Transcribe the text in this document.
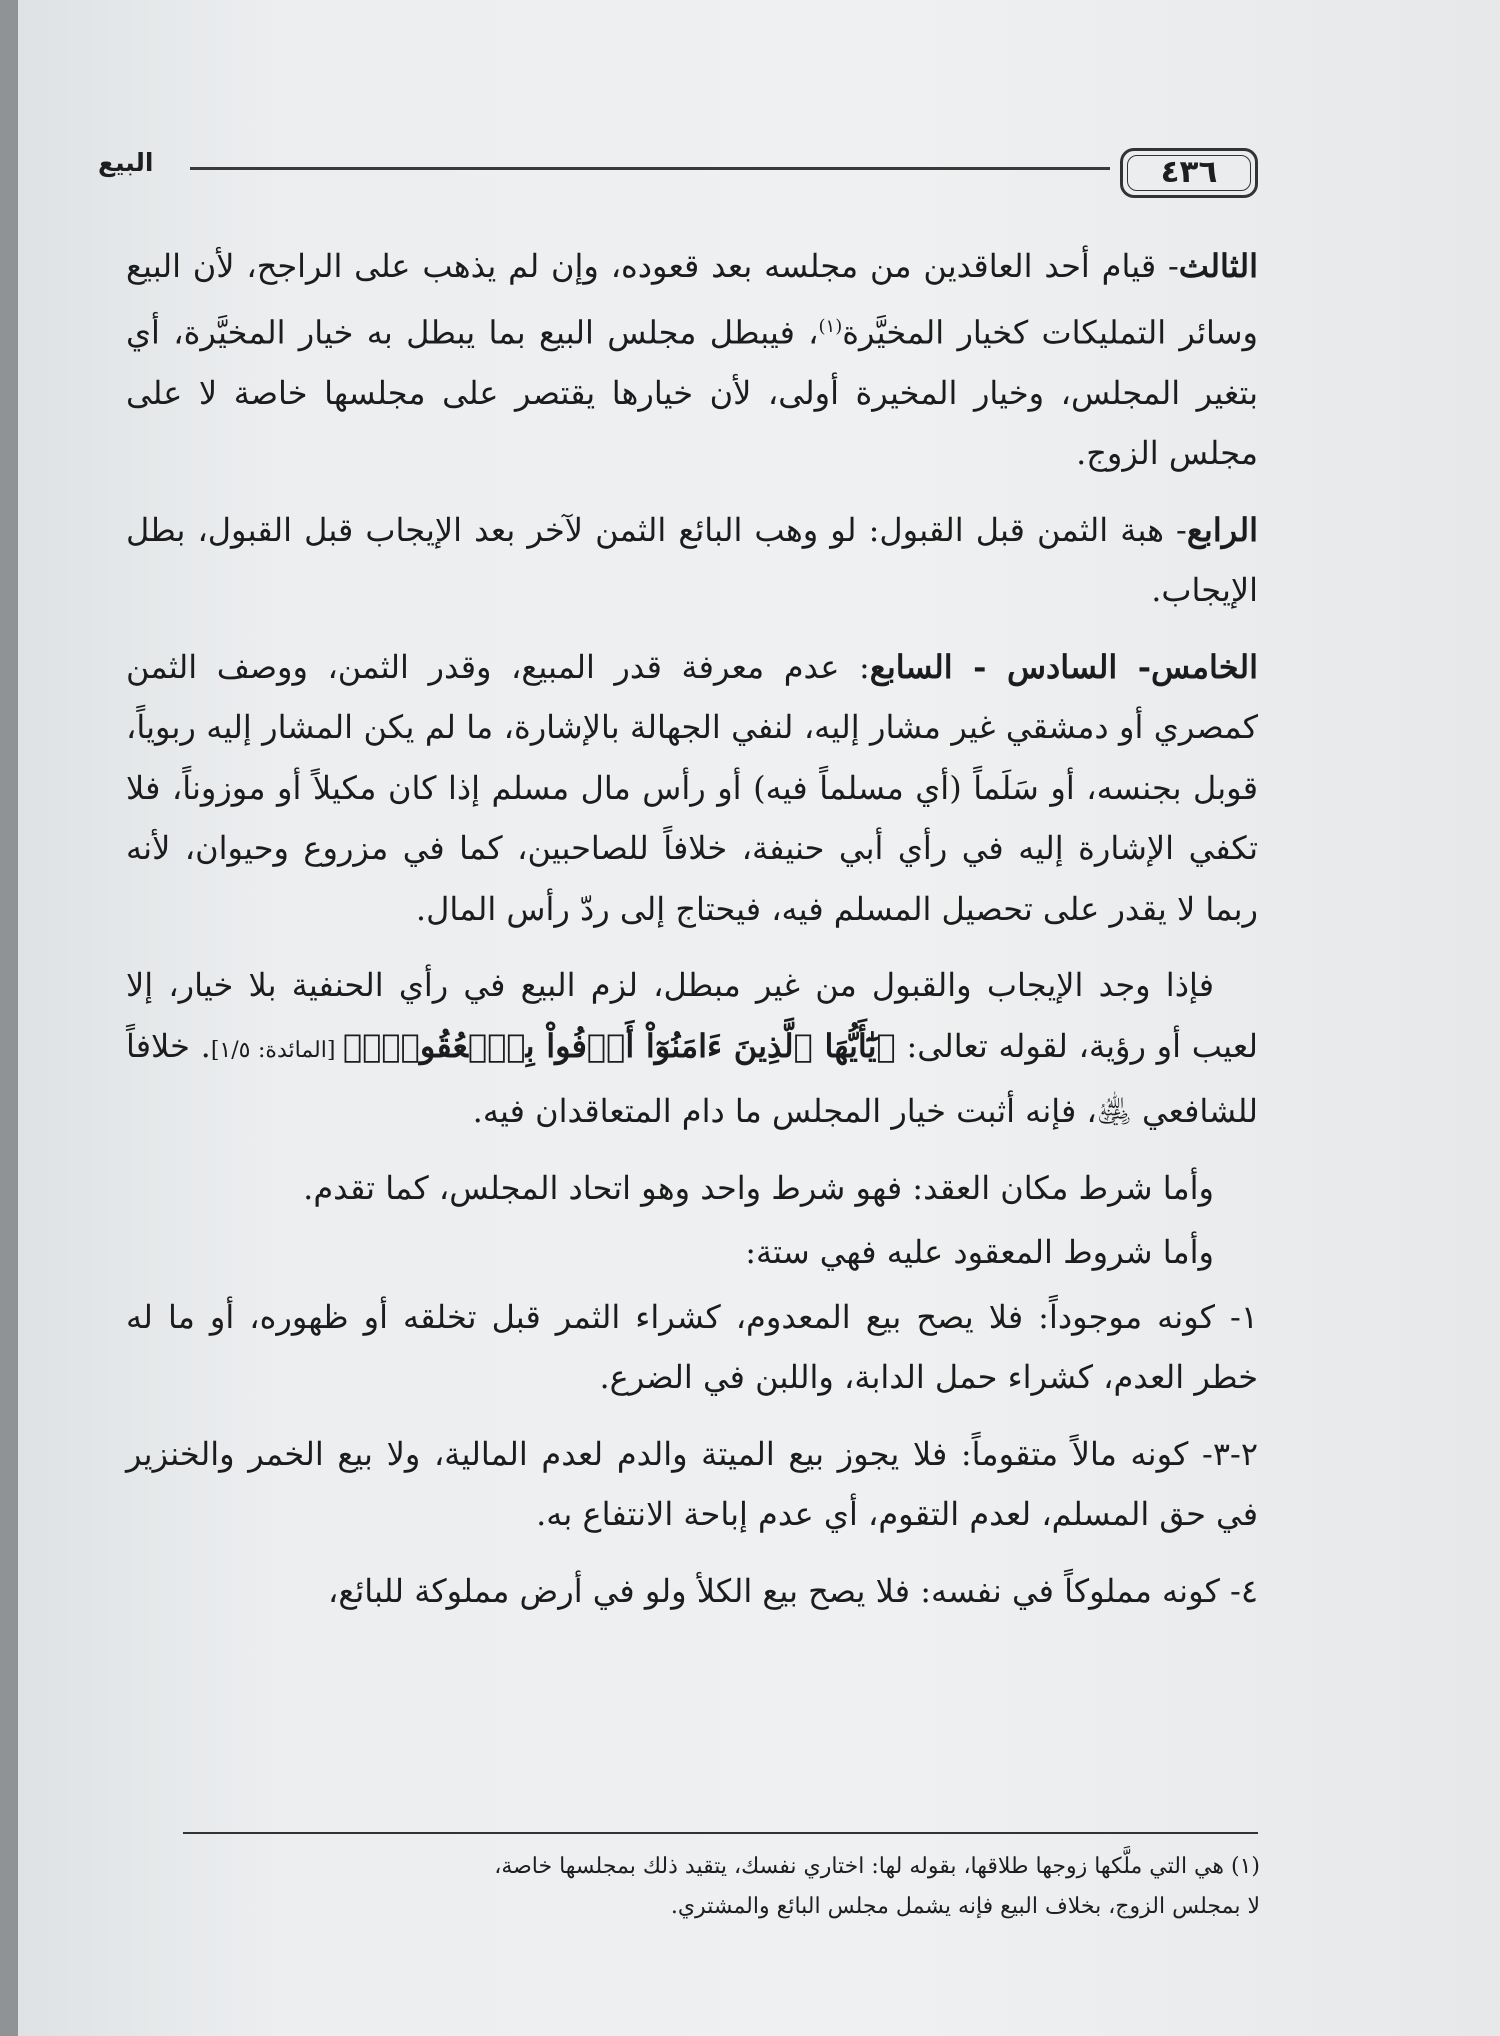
٤٣٦
البيع

الثالث- قيام أحد العاقدين من مجلسه بعد قعوده، وإن لم يذهب على الراجح، لأن البيع وسائر التمليكات كخيار المخيَّرة$^{(١)}$، فيبطل مجلس البيع بما يبطل به خيار المخيَّرة، أي بتغير المجلس، وخيار المخيرة أولى، لأن خيارها يقتصر على مجلسها خاصة لا على مجلس الزوج.

الرابع- هبة الثمن قبل القبول: لو وهب البائع الثمن لآخر بعد الإيجاب قبل القبول، بطل الإيجاب.

الخامس- السادس - السابع: عدم معرفة قدر المبيع، وقدر الثمن، ووصف الثمن كمصري أو دمشقي غير مشار إليه، لنفي الجهالة بالإشارة، ما لم يكن المشار إليه ربوياً، قوبل بجنسه، أو سَلَماً (أي مسلماً فيه) أو رأس مال مسلم إذا كان مكيلاً أو موزوناً، فلا تكفي الإشارة إليه في رأي أبي حنيفة، خلافاً للصاحبين، كما في مزروع وحيوان، لأنه ربما لا يقدر على تحصيل المسلم فيه، فيحتاج إلى ردّ رأس المال.

فإذا وجد الإيجاب والقبول من غير مبطل، لزم البيع في رأي الحنفية بلا خيار، إلا لعيب أو رؤية، لقوله تعالى: ﴿يَٰٓأَيُّهَا ٱلَّذِينَ ءَامَنُوٓاْ أَوۡفُواْ بِٱلۡعُقُودِۚ﴾ [المائدة: ١/٥]. خلافاً للشافعي ﵁، فإنه أثبت خيار المجلس ما دام المتعاقدان فيه.

وأما شرط مكان العقد: فهو شرط واحد وهو اتحاد المجلس، كما تقدم.

وأما شروط المعقود عليه فهي ستة:

١- كونه موجوداً: فلا يصح بيع المعدوم، كشراء الثمر قبل تخلقه أو ظهوره، أو ما له خطر العدم، كشراء حمل الدابة، واللبن في الضرع.

٢-٣- كونه مالاً متقوماً: فلا يجوز بيع الميتة والدم لعدم المالية، ولا بيع الخمر والخنزير في حق المسلم، لعدم التقوم، أي عدم إباحة الانتفاع به.

٤- كونه مملوكاً في نفسه: فلا يصح بيع الكلأ ولو في أرض مملوكة للبائع،

(١) هي التي ملَّكها زوجها طلاقها، بقوله لها: اختاري نفسك، يتقيد ذلك بمجلسها خاصة،

لا بمجلس الزوج، بخلاف البيع فإنه يشمل مجلس البائع والمشتري.
